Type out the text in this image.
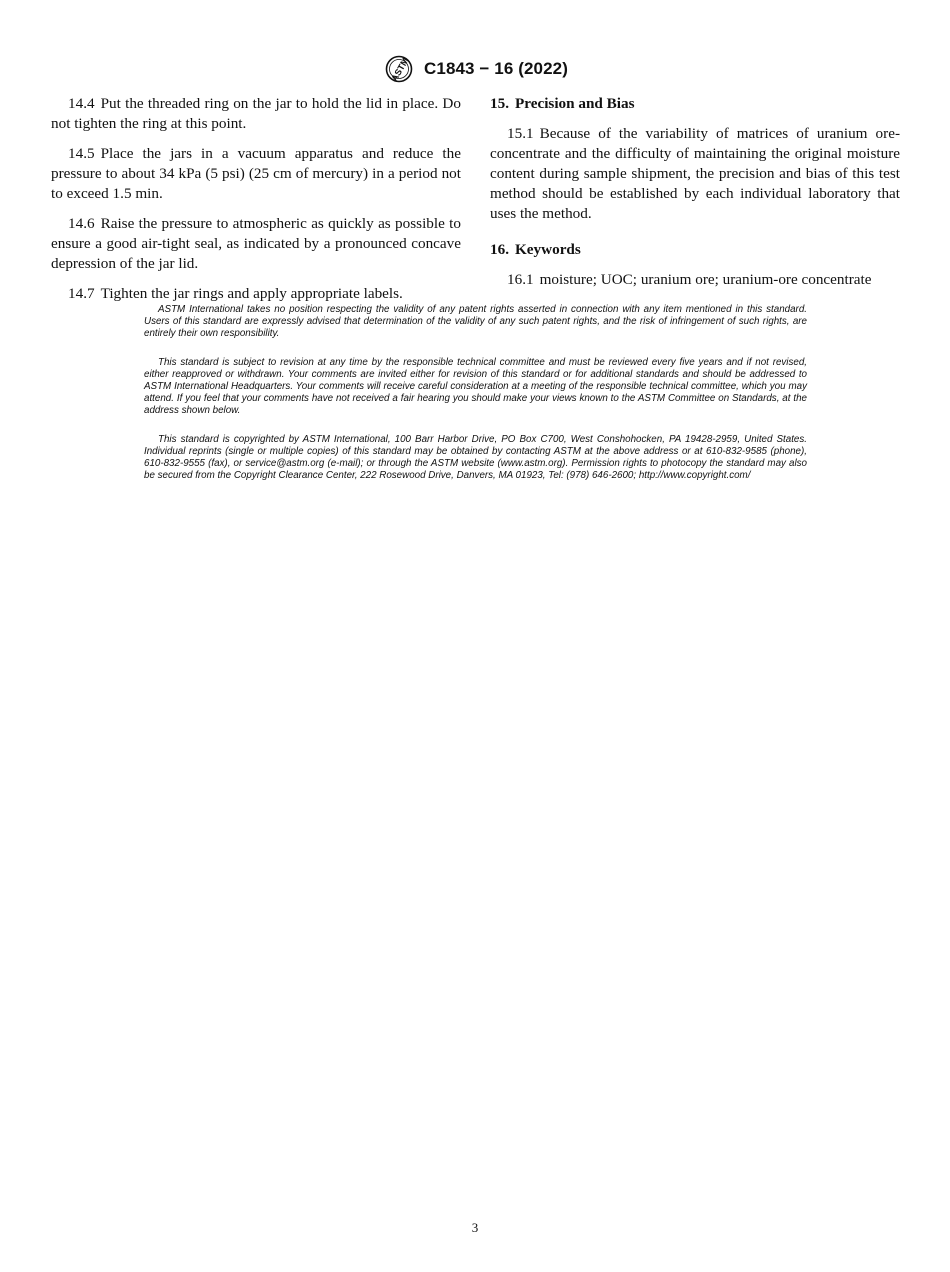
ASTM C1843 − 16 (2022)

14.4 Put the threaded ring on the jar to hold the lid in place. Do not tighten the ring at this point.

14.5 Place the jars in a vacuum apparatus and reduce the pressure to about 34 kPa (5 psi) (25 cm of mercury) in a period not to exceed 1.5 min.

14.6 Raise the pressure to atmospheric as quickly as possible to ensure a good air-tight seal, as indicated by a pronounced concave depression of the jar lid.

14.7 Tighten the jar rings and apply appropriate labels.

15. Precision and Bias

15.1 Because of the variability of matrices of uranium ore-concentrate and the difficulty of maintaining the original moisture content during sample shipment, the precision and bias of this test method should be established by each individual laboratory that uses the method.

16. Keywords

16.1 moisture; UOC; uranium ore; uranium-ore concentrate

ASTM International takes no position respecting the validity of any patent rights asserted in connection with any item mentioned in this standard. Users of this standard are expressly advised that determination of the validity of any such patent rights, and the risk of infringement of such rights, are entirely their own responsibility.

This standard is subject to revision at any time by the responsible technical committee and must be reviewed every five years and if not revised, either reapproved or withdrawn. Your comments are invited either for revision of this standard or for additional standards and should be addressed to ASTM International Headquarters. Your comments will receive careful consideration at a meeting of the responsible technical committee, which you may attend. If you feel that your comments have not received a fair hearing you should make your views known to the ASTM Committee on Standards, at the address shown below.

This standard is copyrighted by ASTM International, 100 Barr Harbor Drive, PO Box C700, West Conshohocken, PA 19428-2959, United States. Individual reprints (single or multiple copies) of this standard may be obtained by contacting ASTM at the above address or at 610-832-9585 (phone), 610-832-9555 (fax), or service@astm.org (e-mail); or through the ASTM website (www.astm.org). Permission rights to photocopy the standard may also be secured from the Copyright Clearance Center, 222 Rosewood Drive, Danvers, MA 01923, Tel: (978) 646-2600; http://www.copyright.com/

3
